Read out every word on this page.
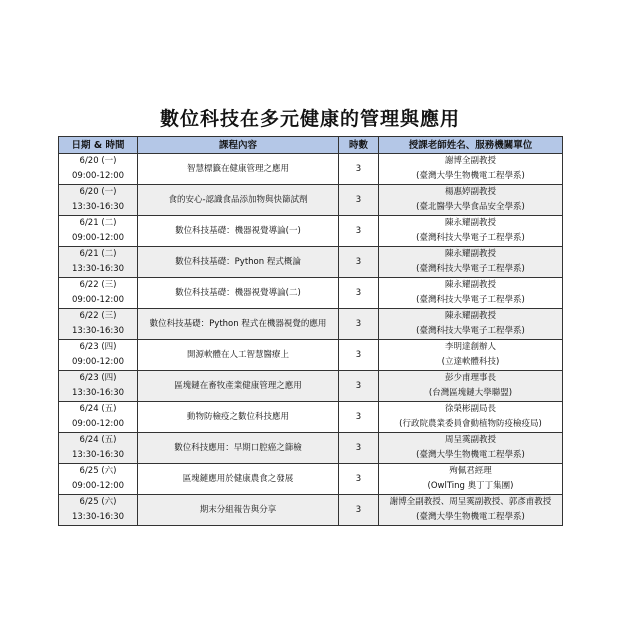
數位科技在多元健康的管理與應用
日期 & 時間	課程內容	時數	授課老師姓名、服務機關單位

6/20 (一)
09:00-12:00	智慧標籤在健康管理之應用	3	謝博全副教授
(臺灣大學生物機電工程學系)

6/20 (一)
13:30-16:30	食的安心-認識食品添加物與快篩試劑	3	楊惠婷副教授
(臺北醫學大學食品安全學系)

6/21 (二)
09:00-12:00	數位科技基礎：機器視覺導論(一)	3	陳永耀副教授
(臺灣科技大學電子工程學系)

6/21 (二)
13:30-16:30	數位科技基礎：Python 程式概論	3	陳永耀副教授
(臺灣科技大學電子工程學系)

6/22 (三)
09:00-12:00	數位科技基礎：機器視覺導論(二)	3	陳永耀副教授
(臺灣科技大學電子工程學系)

6/22 (三)
13:30-16:30	數位科技基礎：Python 程式在機器視覺的應用	3	陳永耀副教授
(臺灣科技大學電子工程學系)

6/23 (四)
09:00-12:00	開源軟體在人工智慧醫療上	3	李明達創辦人
(立達軟體科技)

6/23 (四)
13:30-16:30	區塊鏈在畜牧產業健康管理之應用	3	彭少甫理事長
(台灣區塊鏈大學聯盟)

6/24 (五)
09:00-12:00	動物防檢疫之數位科技應用	3	徐榮彬副局長
(行政院農業委員會動植物防疫檢疫局)

6/24 (五)
13:30-16:30	數位科技應用：早期口腔癌之篩檢	3	周呈霙副教授
(臺灣大學生物機電工程學系)

6/25 (六)
09:00-12:00	區塊鏈應用於健康農食之發展	3	殉佩君經理
(OwlTing 奧丁丁集團)

6/25 (六)
13:30-16:30	期末分組報告與分享	3	謝博全副教授、周呈霙副教授、郭彥甫教授
(臺灣大學生物機電工程學系)
